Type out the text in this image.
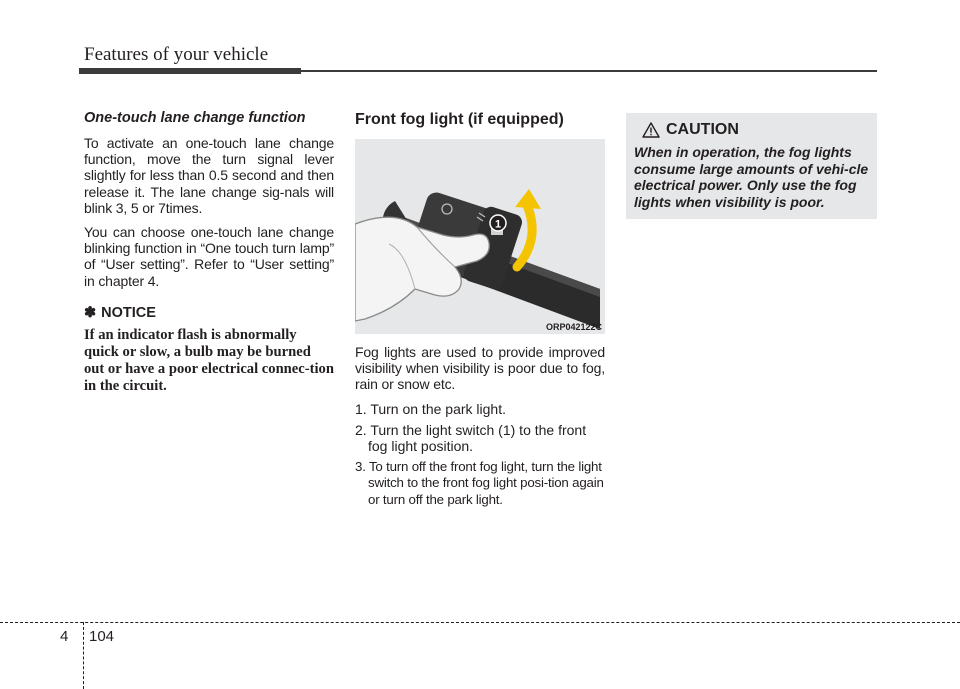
Features of your vehicle
One-touch lane change function

To activate an one-touch lane change function, move the turn signal lever slightly for less than 0.5 second and then release it. The lane change sig-nals will blink 3, 5 or 7times.

You can choose one-touch lane change blinking function in “One touch turn lamp” of “User setting”. Refer to “User setting” in chapter 4.

✽ NOTICE
If an indicator flash is abnormally quick or slow, a bulb may be burned out or have a poor electrical connec-tion in the circuit.
Front fog light (if equipped)
1
ORP042122C

Fog lights are used to provide improved visibility when visibility is poor due to fog, rain or snow etc.

1. Turn on the park light.
2. Turn the light switch (1) to the front fog light position.
3. To turn off the front fog light, turn the light switch to the front fog light posi-tion again or turn off the park light.
CAUTION
When in operation, the fog lights consume large amounts of vehi-cle electrical power. Only use the fog lights when visibility is poor.
4 104
